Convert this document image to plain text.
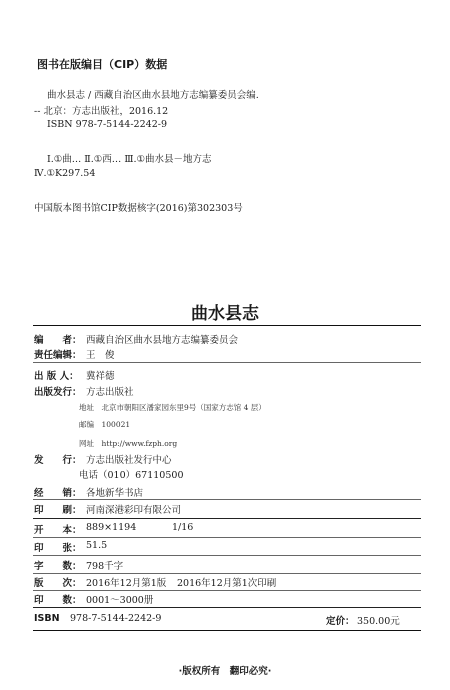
图书在版编目（CIP）数据
曲水县志 / 西藏自治区曲水县地方志编纂委员会编.
-- 北京：方志出版社，2016.12
ISBN 978-7-5144-2242-9
Ⅰ.①曲… Ⅱ.①西… Ⅲ.①曲水县－地方志
Ⅳ.①K297.54
中国版本图书馆CIP数据核字(2016)第302303号
曲水县志
编　　者： 西藏自治区曲水县地方志编纂委员会
责任编辑： 王　俊
出 版 人： 冀祥德
出版发行： 方志出版社
地址　北京市朝阳区潘家园东里9号（国家方志馆 4 层）
邮编　100021
网址　http://www.fzph.org
发　　行： 方志出版社发行中心
电话（010）67110500
经　　销： 各地新华书店
印　　刷： 河南深港彩印有限公司
开　　本： 889×1194	1/16
印　　张： 51.5
字　　数： 798千字
版　　次： 2016年12月第1版 2016年12月第1次印刷
印　　数： 0001～3000册
ISBN 978-7-5144-2242-9	定价： 350.00元
·版权所有　翻印必究·
